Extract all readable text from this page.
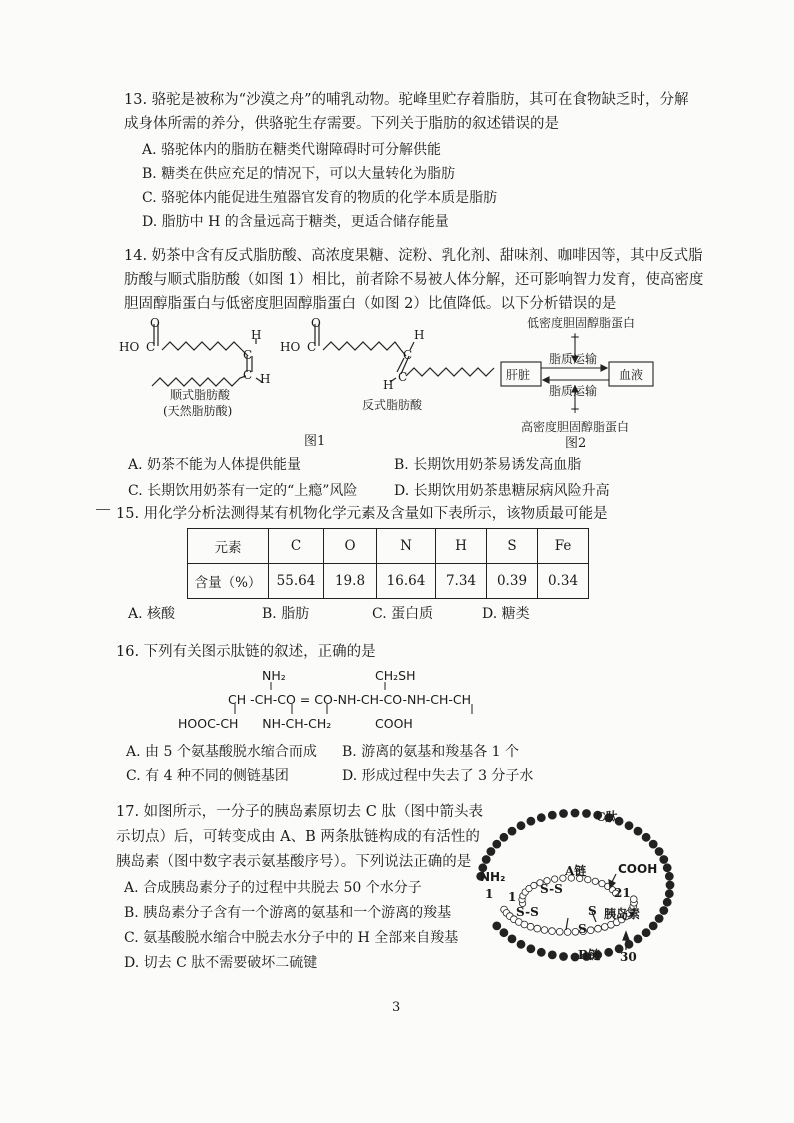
13. 骆驼是被称为“沙漠之舟”的哺乳动物。驼峰里贮存着脂肪，其可在食物缺乏时，分解
成身体所需的养分，供骆驼生存需要。下列关于脂肪的叙述错误的是
A. 骆驼体内的脂肪在糖类代谢障碍时可分解供能
B. 糖类在供应充足的情况下，可以大量转化为脂肪
C. 骆驼体内能促进生殖器官发育的物质的化学本质是脂肪
D. 脂肪中 H 的含量远高于糖类，更适合储存能量
14. 奶茶中含有反式脂肪酸、高浓度果糖、淀粉、乳化剂、甜味剂、咖啡因等，其中反式脂
肪酸与顺式脂肪酸（如图 1）相比，前者除不易被人体分解，还可影响智力发育，使高密度
胆固醇脂蛋白与低密度胆固醇脂蛋白（如图 2）比值降低。以下分析错误的是
HO C
O
H
C
C H
顺式脂肪酸
(天然脂肪酸)
HO C
O
H
C
C
H
反式脂肪酸
图1
低密度胆固醇脂蛋白
+
脂质运输
肝脏	血液
脂质运输
+
高密度胆固醇脂蛋白
图2
A. 奶茶不能为人体提供能量	B. 长期饮用奶茶易诱发高血脂
C. 长期饮用奶茶有一定的“上瘾”风险	D. 长期饮用奶茶患糖尿病风险升高
15. 用化学分析法测得某有机物化学元素及含量如下表所示，该物质最可能是
元素	C	O	N	H	S	Fe
含量（%）	55.64	19.8	16.64	7.34	0.39	0.34
A. 核酸	B. 脂肪	C. 蛋白质	D. 糖类
16. 下列有关图示肽链的叙述，正确的是
NH₂	CH₂SH
CH -CH-CO = CO-NH-CH-CO-NH-CH-CH
HOOC-CH      NH-CH-CH₂           COOH
A. 由 5 个氨基酸脱水缩合而成 B. 游离的氨基和羧基各 1 个
C. 有 4 种不同的侧链基团	D. 形成过程中失去了 3 分子水
17. 如图所示，一分子的胰岛素原切去 C 肽（图中箭头表
示切点）后，可转变成由 A、B 两条肽链构成的有活性的
胰岛素（图中数字表示氨基酸序号）。下列说法正确的是
A. 合成胰岛素分子的过程中共脱去 50 个水分子
B. 胰岛素分子含有一个游离的氨基和一个游离的羧基
C. 氨基酸脱水缩合中脱去水分子中的 H 全部来自羧基
D. 切去 C 肽不需要破坏二硫键
C肽
A链	COOH
NH₂
1 1	21
S-S
S-S	S
S
胰岛素
B链 30
3
